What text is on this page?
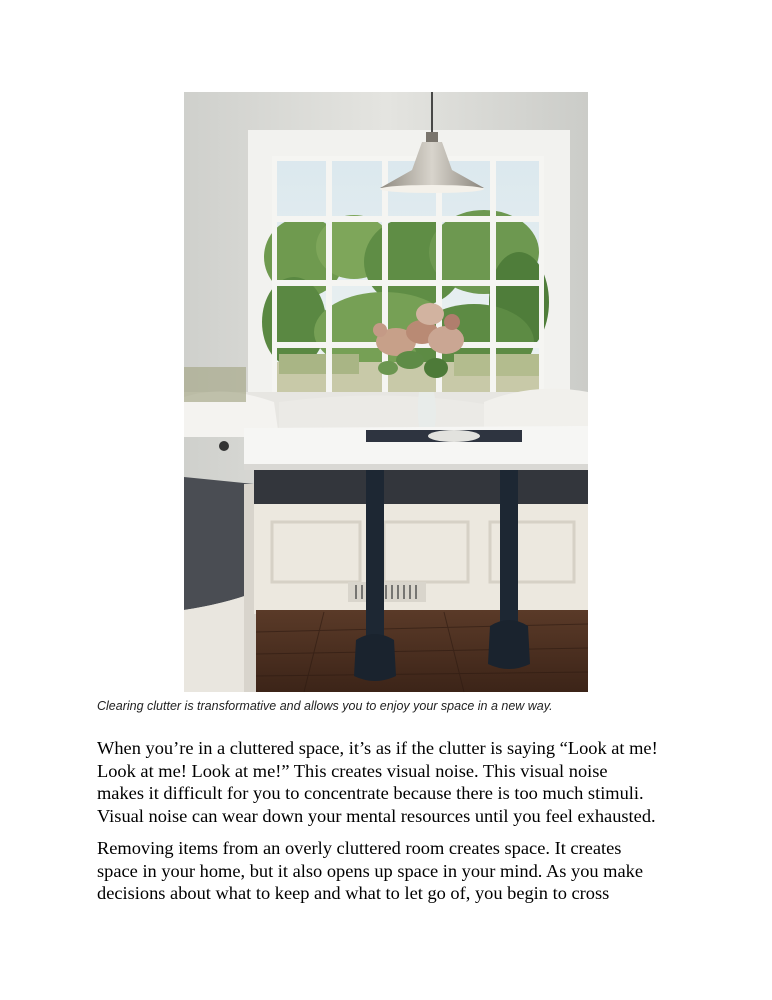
Clearing clutter is transformative and allows you to enjoy your space in a new way.

When you’re in a cluttered space, it’s as if the clutter is saying “Look at me!
Look at me! Look at me!” This creates visual noise. This visual noise
makes it difficult for you to concentrate because there is too much stimuli.
Visual noise can wear down your mental resources until you feel exhausted.

Removing items from an overly cluttered room creates space. It creates
space in your home, but it also opens up space in your mind. As you make
decisions about what to keep and what to let go of, you begin to cross
